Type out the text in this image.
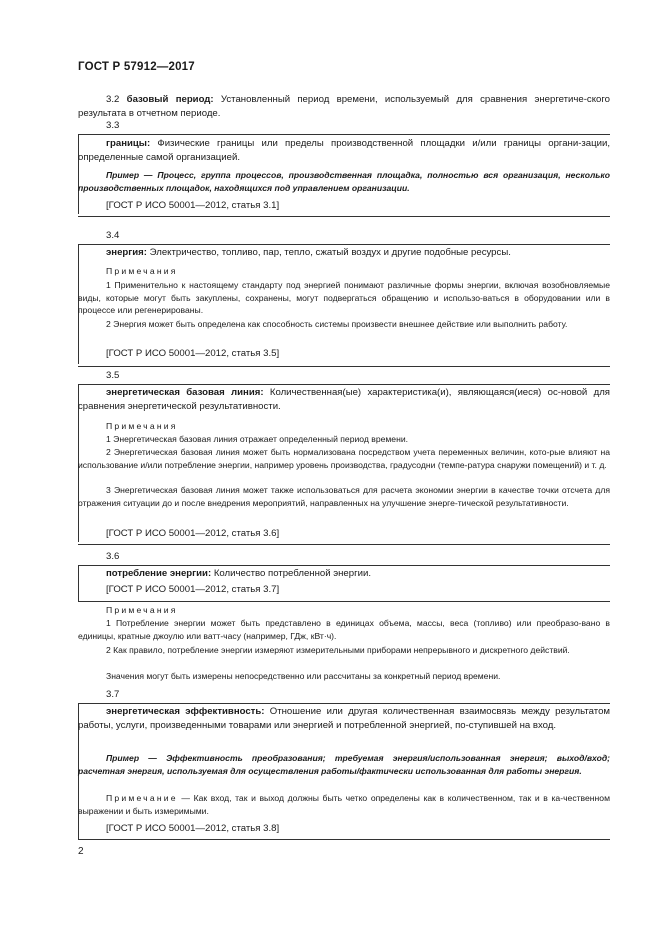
ГОСТ Р 57912—2017
3.2 базовый период: Установленный период времени, используемый для сравнения энергетиче-ского результата в отчетном периоде.
3.3
границы: Физические границы или пределы производственной площадки и/или границы органи-зации, определенные самой организацией.
Пример — Процесс, группа процессов, производственная площадка, полностью вся организация, несколько производственных площадок, находящихся под управлением организации.
[ГОСТ Р ИСО 50001—2012, статья 3.1]
3.4
энергия: Электричество, топливо, пар, тепло, сжатый воздух и другие подобные ресурсы.
Примечания
1 Применительно к настоящему стандарту под энергией понимают различные формы энергии, включая возобновляемые виды, которые могут быть закуплены, сохранены, могут подвергаться обращению и использо-ваться в оборудовании или в процессе или регенерированы.
2 Энергия может быть определена как способность системы произвести внешнее действие или выполнить работу.
[ГОСТ Р ИСО 50001—2012, статья 3.5]
3.5
энергетическая базовая линия: Количественная(ые) характеристика(и), являющаяся(иеся) ос-новой для сравнения энергетической результативности.
Примечания
1 Энергетическая базовая линия отражает определенный период времени.
2 Энергетическая базовая линия может быть нормализована посредством учета переменных величин, кото-рые влияют на использование и/или потребление энергии, например уровень производства, градусодни (темпе-ратура снаружи помещений) и т. д.
3 Энергетическая базовая линия может также использоваться для расчета экономии энергии в качестве точки отсчета для отражения ситуации до и после внедрения мероприятий, направленных на улучшение энерге-тической результативности.
[ГОСТ Р ИСО 50001—2012, статья 3.6]
3.6
потребление энергии: Количество потребленной энергии.
[ГОСТ Р ИСО 50001—2012, статья 3.7]
Примечания
1 Потребление энергии может быть представлено в единицах объема, массы, веса (топливо) или преобразо-вано в единицы, кратные джоулю или ватт-часу (например, ГДж, кВт·ч).
2 Как правило, потребление энергии измеряют измерительными приборами непрерывного и дискретного действий.
Значения могут быть измерены непосредственно или рассчитаны за конкретный период времени.
3.7
энергетическая эффективность: Отношение или другая количественная взаимосвязь между результатом работы, услуги, произведенными товарами или энергией и потребленной энергией, по-ступившей на вход.
Пример — Эффективность преобразования; требуемая энергия/использованная энергия; выход/вход; расчетная энергия, используемая для осуществления работы/фактически использованная для работы энергия.
Примечание — Как вход, так и выход должны быть четко определены как в количественном, так и в ка-чественном выражении и быть измеримыми.
[ГОСТ Р ИСО 50001—2012, статья 3.8]
2
